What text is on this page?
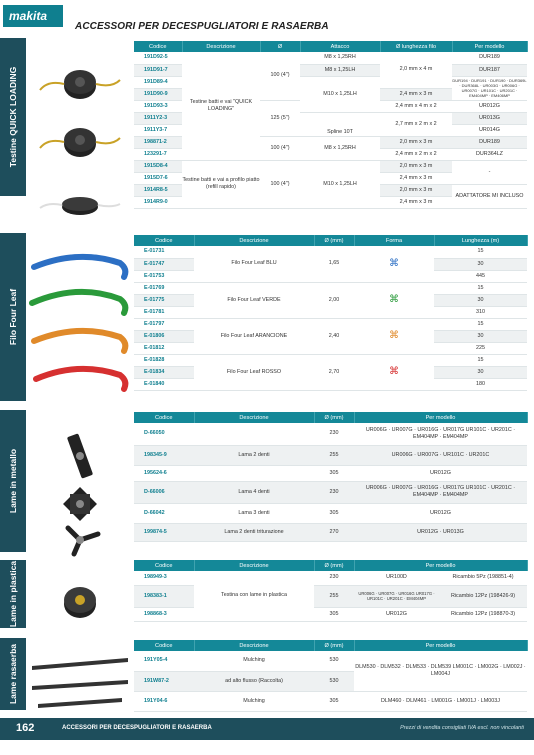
makita
ACCESSORI PER DECESPUGLIATORI E RASAERBA
Testine QUICK LOADING
Codice	Descrizione	Ø	Attacco	Ø lunghezza filo	Per modello
191D92-5	Testine batti e vai "QUICK LOADING"	100 (4")	M8 x 1,25RH	2,0 mm x 4 m	DUR189
191D91-7			M8 x 1,25LH		DUR187
191D89-4			M10 x 1,25LH		DUR194 · DUR191 · DUR190 · DUR369L · DUR368L · UR003G · UR006G · UR007G · UR101C · UR201C · EM404MP · EM406MP
191D90-9				2,4 mm x 3 m	
191D93-3		125 (5")		2,4 mm x 4 m x 2	UR012G
1911Y2-3			Spline 10T	2,7 mm x 2 m x 2	UR013G
1911Y3-7					UR014G
198871-2		100 (4")	M8 x 1,25RH	2,0 mm x 3 m	DUR189
123291-7				2,4 mm x 2 m x 2	DUR364LZ
1915D8-4	Testine batti e vai a profilo piatto (refill rapido)	100 (4")	M10 x 1,25LH	2,0 mm x 3 m	-
1915D7-6				2,4 mm x 3 m	
1914R8-5				2,0 mm x 3 m	ADATTATORE MI INCLUSO
1914R9-0				2,4 mm x 3 m	
Filo Four Leaf
Codice	Descrizione	Ø (mm)	Forma	Lunghezza (m)
E-01731	Filo Four Leaf BLU	1,65	⌘	15
E-01747				30
E-01753				445
E-01769	Filo Four Leaf VERDE	2,00	⌘	15
E-01775				30
E-01781				310
E-01797	Filo Four Leaf ARANCIONE	2,40	⌘	15
E-01806				30
E-01812				225
E-01828	Filo Four Leaf ROSSO	2,70	⌘	15
E-01834				30
E-01840				180
Lame in metallo
Codice	Descrizione	Ø (mm)	Per modello
D-66050		230	UR006G · UR007G · UR016G · UR017G UR101C · UR201C · EM404MP · EM404MP
198345-9	Lama 2 denti	255	UR006G · UR007G · UR101C · UR201C
195624-6		305	UR012G
D-66006	Lama 4 denti	230	UR006G · UR007G · UR016G · UR017G UR101C · UR201C · EM404MP · EM404MP
D-66042	Lama 3 denti	305	UR012G
199874-5	Lama 2 denti triturazione	270	UR012G · UR013G
Lame in plastica	Codice	Descrizione	Ø (mm)	Per modello	
198949-3	Testina con lame in plastica	230	UR100D	Ricambio 5Pz (198851-4)
198383-1		255	UR006G · UR007G · UR016G UR017G · UR101C · UR201C · EM404MP	Ricambio 12Pz (198426-9)
198868-3		305	UR012G	Ricambio 12Pz (198870-3)
Lame rasaerba	Codice	Descrizione	Ø (mm)	Per modello
191Y05-4	Mulching	530	DLM530 · DLM532 · DLM533 · DLM539 LM001C · LM002G · LM002J · LM004J
191W87-2	ad alto flusso (Raccolta)	530	
191Y04-6	Mulching	305	DLM460 · DLM461 · LM001G · LM001J · LM003J
162	ACCESSORI PER DECESPUGLIATORI E RASAERBA	Prezzi di vendita consigliati IVA escl. non vincolanti
